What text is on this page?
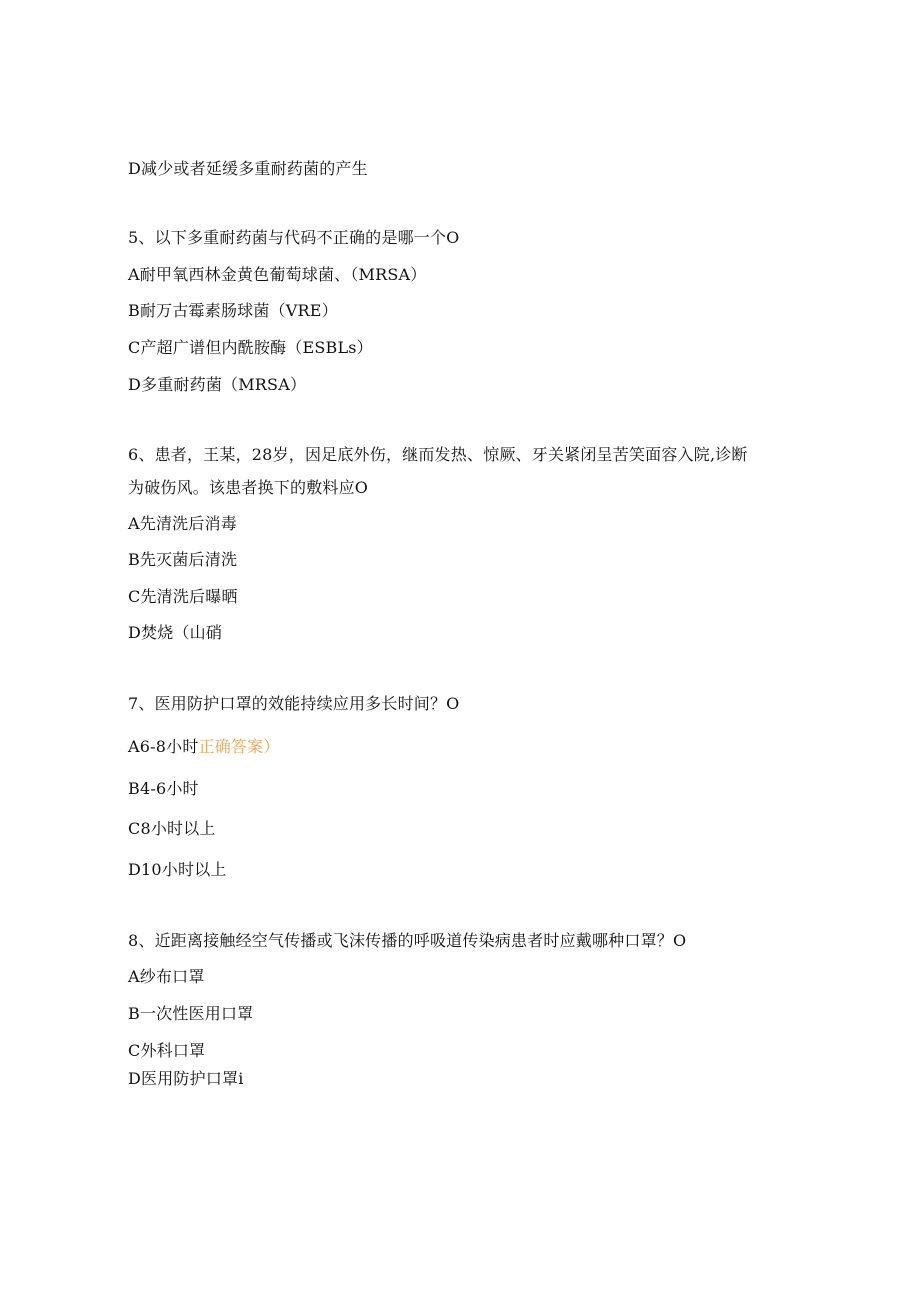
D减少或者延缓多重耐药菌的产生
5、以下多重耐药菌与代码不正确的是哪一个O
A耐甲氧西林金黄色葡萄球菌、（MRSA）
B耐万古霉素肠球菌（VRE）
C产超广谱但内酰胺酶（ESBLs）
D多重耐药菌（MRSA）
6、患者，王某，28岁，因足底外伤，继而发热、惊厥、牙关紧闭呈苦笑面容入院,诊断
为破伤风。该患者换下的敷料应O
A先清洗后消毒
B先灭菌后清洗
C先清洗后曝晒
D焚烧（山硝
7、医用防护口罩的效能持续应用多长时间？O
A6-8小时正确答案）
B4-6小时
C8小时以上
D10小时以上
8、近距离接触经空气传播或飞沫传播的呼吸道传染病患者时应戴哪种口罩？O
A纱布口罩
B一次性医用口罩
C外科口罩
D医用防护口罩i
